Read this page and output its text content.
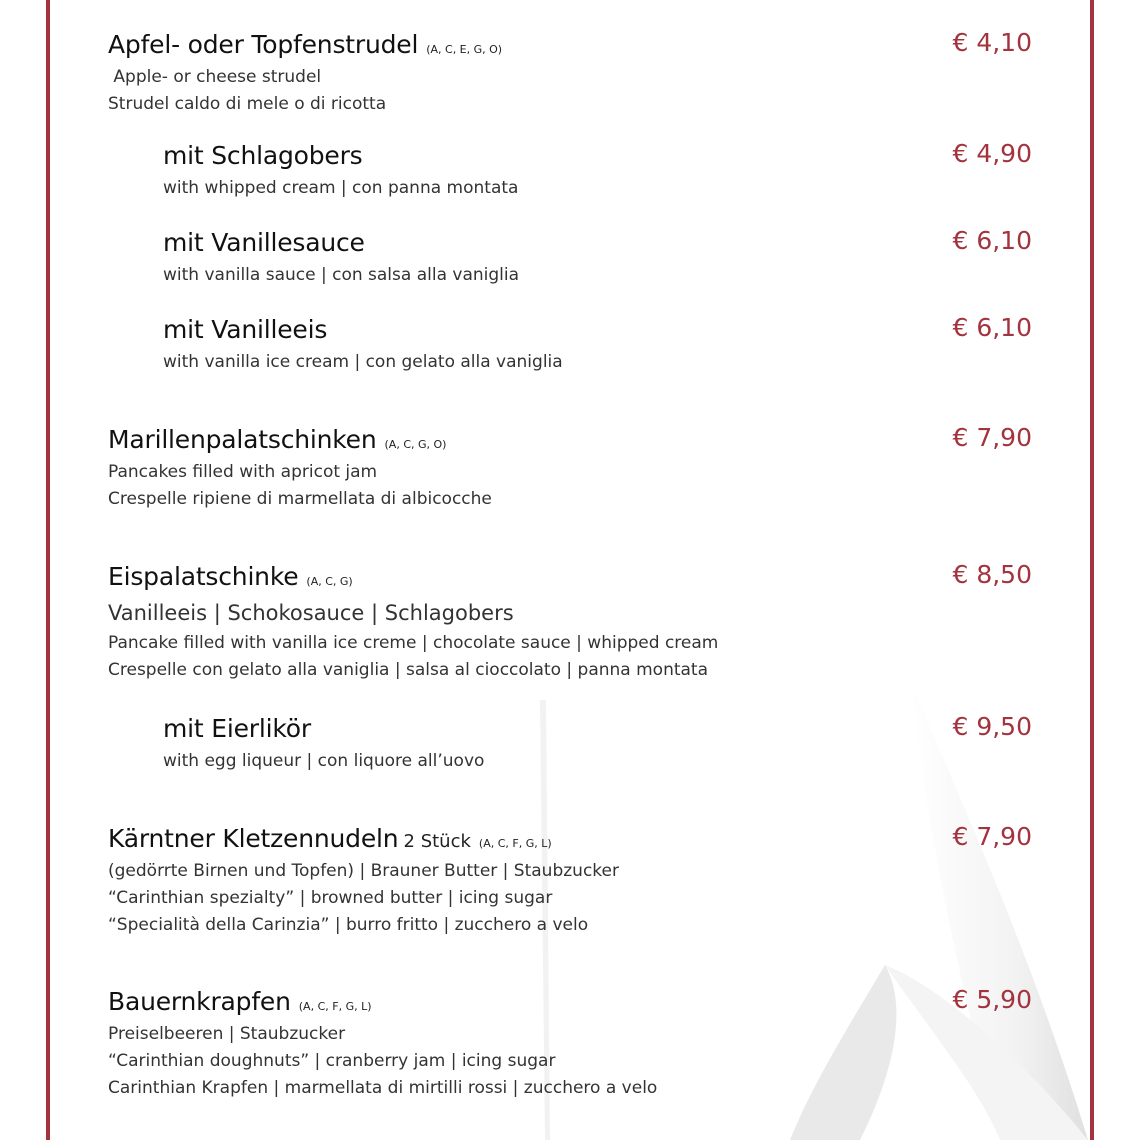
Apfel- oder Topfenstrudel (A, C, E, G, O)	€ 4,10
Apple- or cheese strudel
Strudel caldo di mele o di ricotta
mit Schlagobers	€ 4,90
with whipped cream | con panna montata
mit Vanillesauce	€ 6,10
with vanilla sauce | con salsa alla vaniglia
mit Vanilleeis	€ 6,10
with vanilla ice cream | con gelato alla vaniglia
Marillenpalatschinken (A, C, G, O)	€ 7,90
Pancakes filled with apricot jam
Crespelle ripiene di marmellata di albicocche
Eispalatschinke (A, C, G)	€ 8,50
Vanilleeis | Schokosauce | Schlagobers
Pancake filled with vanilla ice creme | chocolate sauce | whipped cream
Crespelle con gelato alla vaniglia | salsa al cioccolato | panna montata
mit Eierlikör	€ 9,50
with egg liqueur | con liquore all’uovo
Kärntner Kletzennudeln 2 Stück (A, C, F, G, L)	€ 7,90
(gedörrte Birnen und Topfen) | Brauner Butter | Staubzucker
“Carinthian spezialty” | browned butter | icing sugar
“Specialità della Carinzia” | burro fritto | zucchero a velo
Bauernkrapfen (A, C, F, G, L)	€ 5,90
Preiselbeeren | Staubzucker
“Carinthian doughnuts” | cranberry jam | icing sugar
Carinthian Krapfen | marmellata di mirtilli rossi | zucchero a velo
